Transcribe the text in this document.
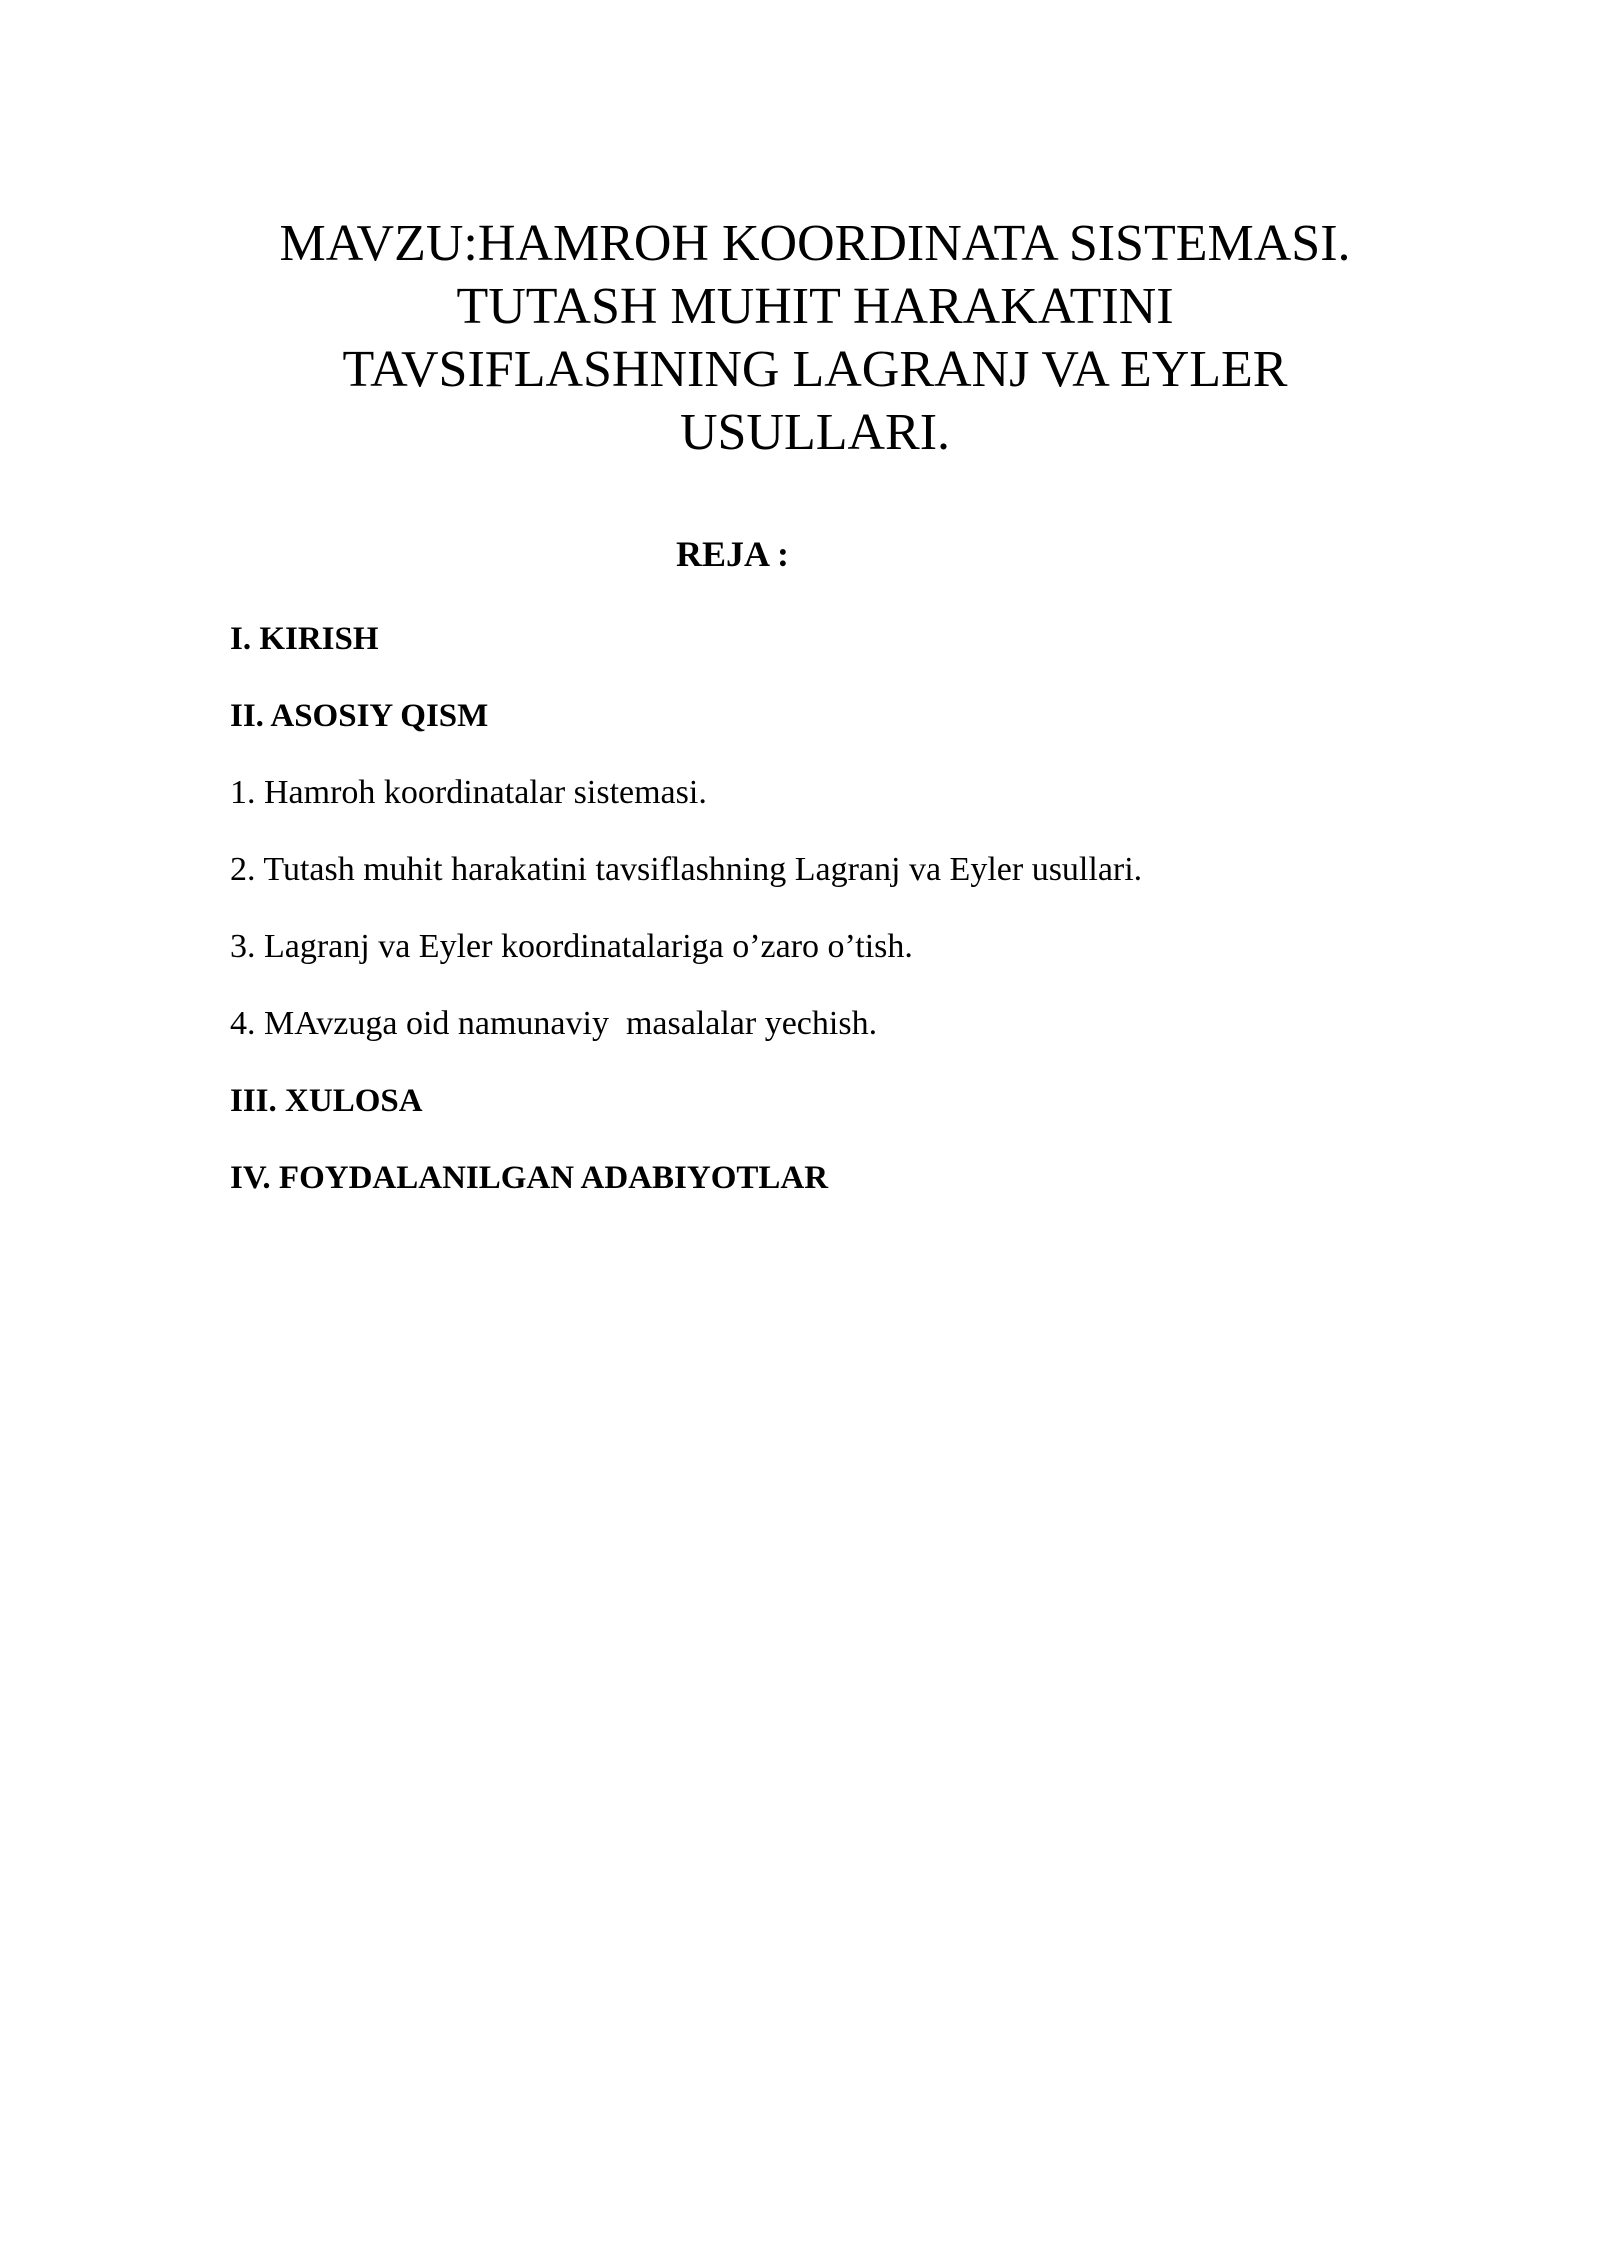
MAVZU:HAMROH KOORDINATA SISTEMASI.
TUTASH MUHIT HARAKATINI
TAVSIFLASHNING LAGRANJ VA EYLER
USULLARI.
REJA :
I. KIRISH
II. ASOSIY QISM
1. Hamroh koordinatalar sistemasi.
2. Tutash muhit harakatini tavsiflashning Lagranj va Eyler usullari.
3. Lagranj va Eyler koordinatalariga o’zaro o’tish.
4. MAvzuga oid namunaviy  masalalar yechish.
III. XULOSA
IV. FOYDALANILGAN ADABIYOTLAR
